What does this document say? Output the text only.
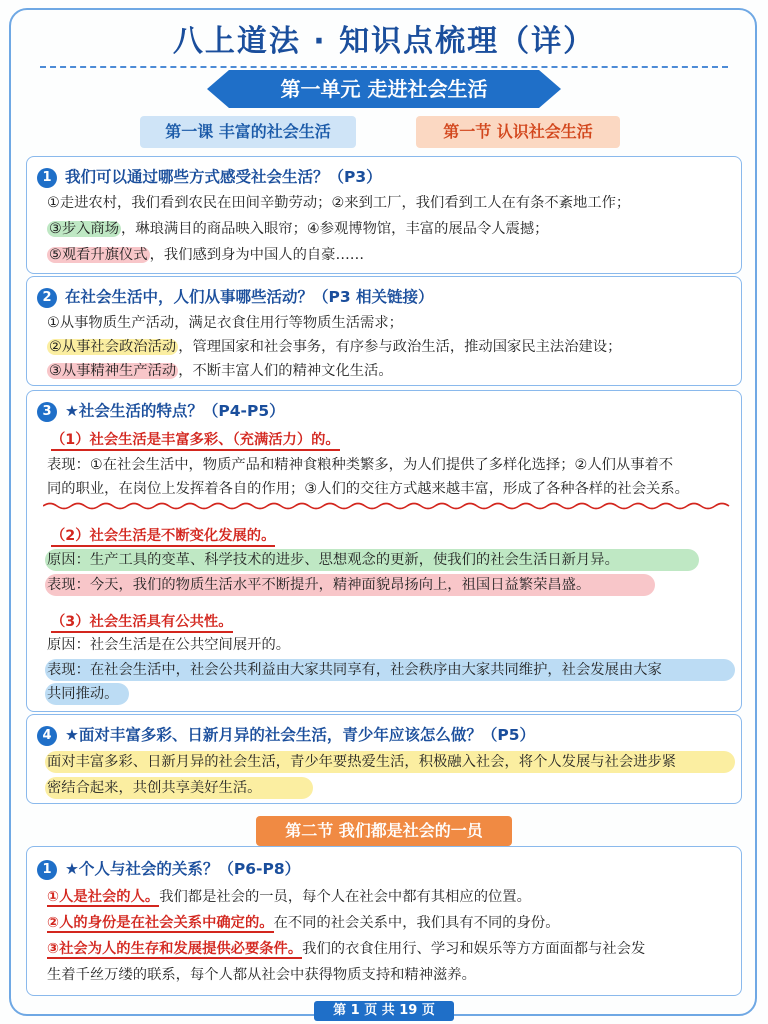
八上道法 · 知识点梳理（详）
第一单元 走进社会生活
第一课 丰富的社会生活	第一节 认识社会生活
1 我们可以通过哪些方式感受社会生活？（P3）
①走进农村，我们看到农民在田间辛勤劳动；②来到工厂，我们看到工人在有条不紊地工作；
③步入商场 ，琳琅满目的商品映入眼帘；④参观博物馆，丰富的展品令人震撼；
⑤观看升旗仪式 ，我们感到身为中国人的自豪……
2 在社会生活中，人们从事哪些活动？（P3 相关链接）
①从事物质生产活动，满足衣食住用行等物质生活需求；
②从事社会政治活动 ，管理国家和社会事务，有序参与政治生活，推动国家民主法治建设；
③从事精神生产活动 ，不断丰富人们的精神文化生活。
3 ★社会生活的特点？（P4-P5）
（1）社会生活是丰富多彩、（充满活力）的。
表现：①在社会生活中，物质产品和精神食粮种类繁多，为人们提供了多样化选择；②人们从事着不
同的职业，在岗位上发挥着各自的作用；③人们的交往方式越来越丰富，形成了各种各样的社会关系。
（2）社会生活是不断变化发展的。
原因：生产工具的变革、科学技术的进步、思想观念的更新，使我们的社会生活日新月异。
表现：今天，我们的物质生活水平不断提升，精神面貌昂扬向上，祖国日益繁荣昌盛。
（3）社会生活具有公共性。
原因：社会生活是在公共空间展开的。
表现：在社会生活中，社会公共利益由大家共同享有，社会秩序由大家共同维护，社会发展由大家
共同推动。
4 ★面对丰富多彩、日新月异的社会生活，青少年应该怎么做？（P5）
面对丰富多彩、日新月异的社会生活，青少年要热爱生活，积极融入社会，将个人发展与社会进步紧
密结合起来，共创共享美好生活。
第二节 我们都是社会的一员
1 ★个人与社会的关系？（P6-P8）
①人是社会的人。我们都是社会的一员，每个人在社会中都有其相应的位置。
②人的身份是在社会关系中确定的。在不同的社会关系中，我们具有不同的身份。
③社会为人的生存和发展提供必要条件。我们的衣食住用行、学习和娱乐等方方面面都与社会发
生着千丝万缕的联系，每个人都从社会中获得物质支持和精神滋养。
第 1 页 共 19 页
